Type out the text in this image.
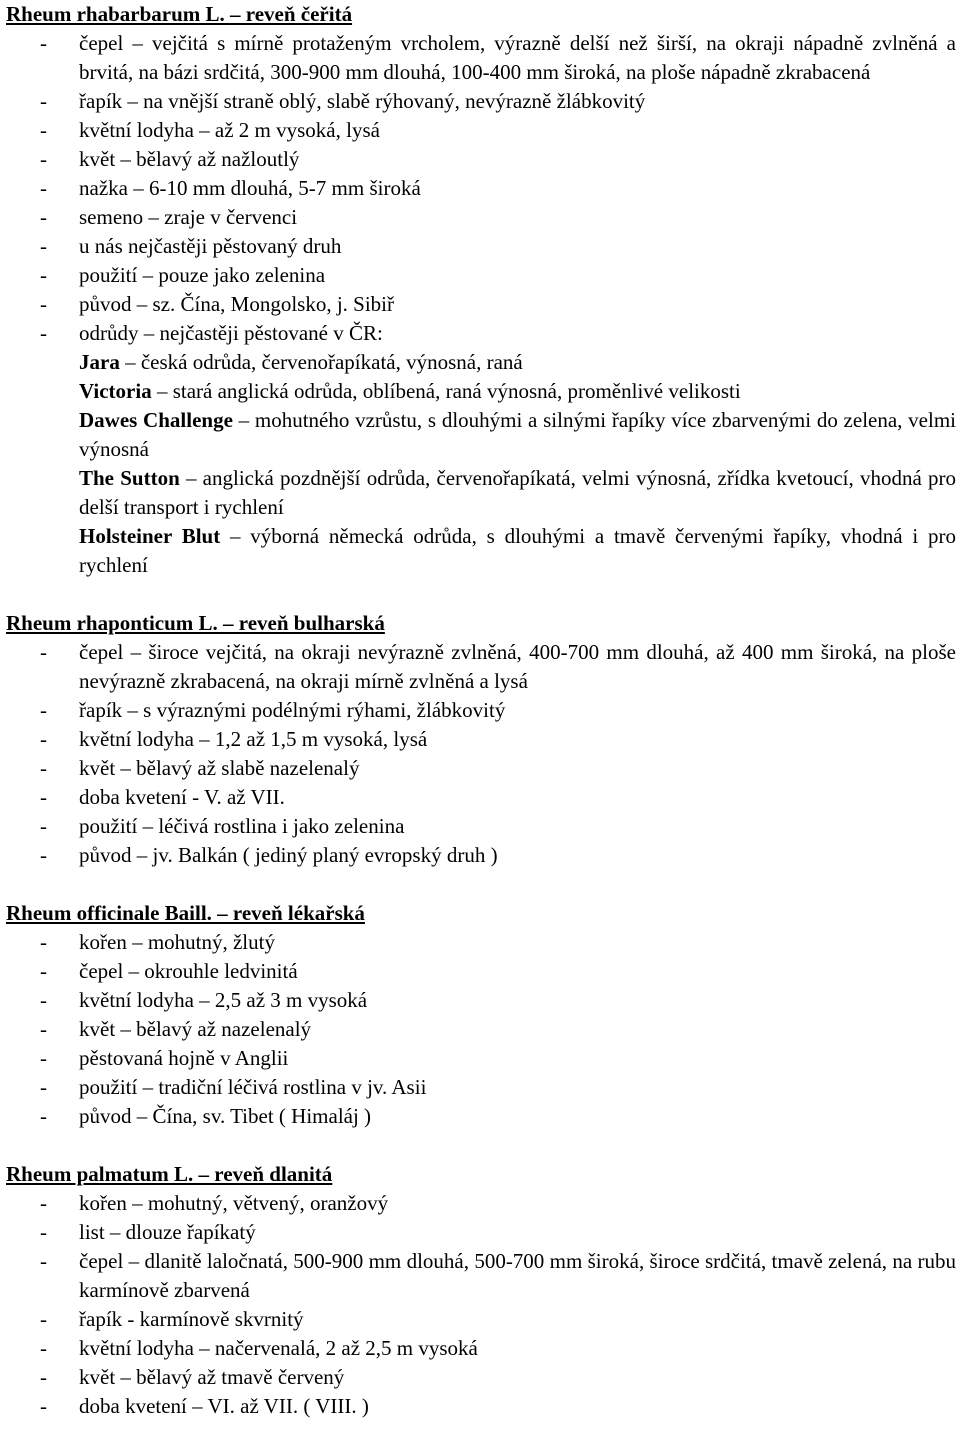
Rheum rhabarbarum L. – reveň čeřitá
- čepel – vejčitá s mírně protaženým vrcholem, výrazně delší než širší, na okraji nápadně zvlněná a brvitá, na bázi srdčitá, 300-900 mm dlouhá, 100-400 mm široká, na ploše nápadně zkrabacená
- řapík – na vnější straně oblý, slabě rýhovaný, nevýrazně žlábkovitý
- květní lodyha – až 2 m vysoká, lysá
- květ – bělavý až nažloutlý
- nažka – 6-10 mm dlouhá, 5-7 mm široká
- semeno – zraje v červenci
- u nás nejčastěji pěstovaný druh
- použití – pouze jako zelenina
- původ – sz. Čína, Mongolsko, j. Sibiř
- odrůdy – nejčastěji pěstované v ČR:
Jara – česká odrůda, červenořapíkatá, výnosná, raná
Victoria – stará anglická odrůda, oblíbená, raná výnosná, proměnlivé velikosti
Dawes Challenge – mohutného vzrůstu, s dlouhými a silnými řapíky více zbarvenými do zelena, velmi výnosná
The Sutton – anglická pozdnější odrůda, červenořapíkatá, velmi výnosná, zřídka kvetoucí, vhodná pro delší transport i rychlení
Holsteiner Blut – výborná německá odrůda, s dlouhými a tmavě červenými řapíky, vhodná i pro rychlení
Rheum rhaponticum L. – reveň bulharská
- čepel – široce vejčitá, na okraji nevýrazně zvlněná, 400-700 mm dlouhá, až 400 mm široká, na ploše nevýrazně zkrabacená, na okraji mírně zvlněná a lysá
- řapík – s výraznými podélnými rýhami, žlábkovitý
- květní lodyha – 1,2 až 1,5 m vysoká, lysá
- květ – bělavý až slabě nazelenalý
- doba kvetení - V. až VII.
- použití – léčivá rostlina i jako zelenina
- původ – jv. Balkán ( jediný planý evropský druh )
Rheum officinale Baill. – reveň lékařská
- kořen – mohutný, žlutý
- čepel – okrouhle ledvinitá
- květní lodyha – 2,5 až 3 m vysoká
- květ – bělavý až nazelenalý
- pěstovaná hojně v Anglii
- použití – tradiční léčivá rostlina v jv. Asii
- původ – Čína, sv. Tibet ( Himaláj )
Rheum palmatum L. – reveň dlanitá
- kořen – mohutný, větvený, oranžový
- list – dlouze řapíkatý
- čepel – dlanitě laločnatá, 500-900 mm dlouhá, 500-700 mm široká, široce srdčitá, tmavě zelená, na rubu karmínově zbarvená
- řapík - karmínově skvrnitý
- květní lodyha – načervenalá, 2 až 2,5 m vysoká
- květ – bělavý až tmavě červený
- doba kvetení – VI. až VII. ( VIII. )
